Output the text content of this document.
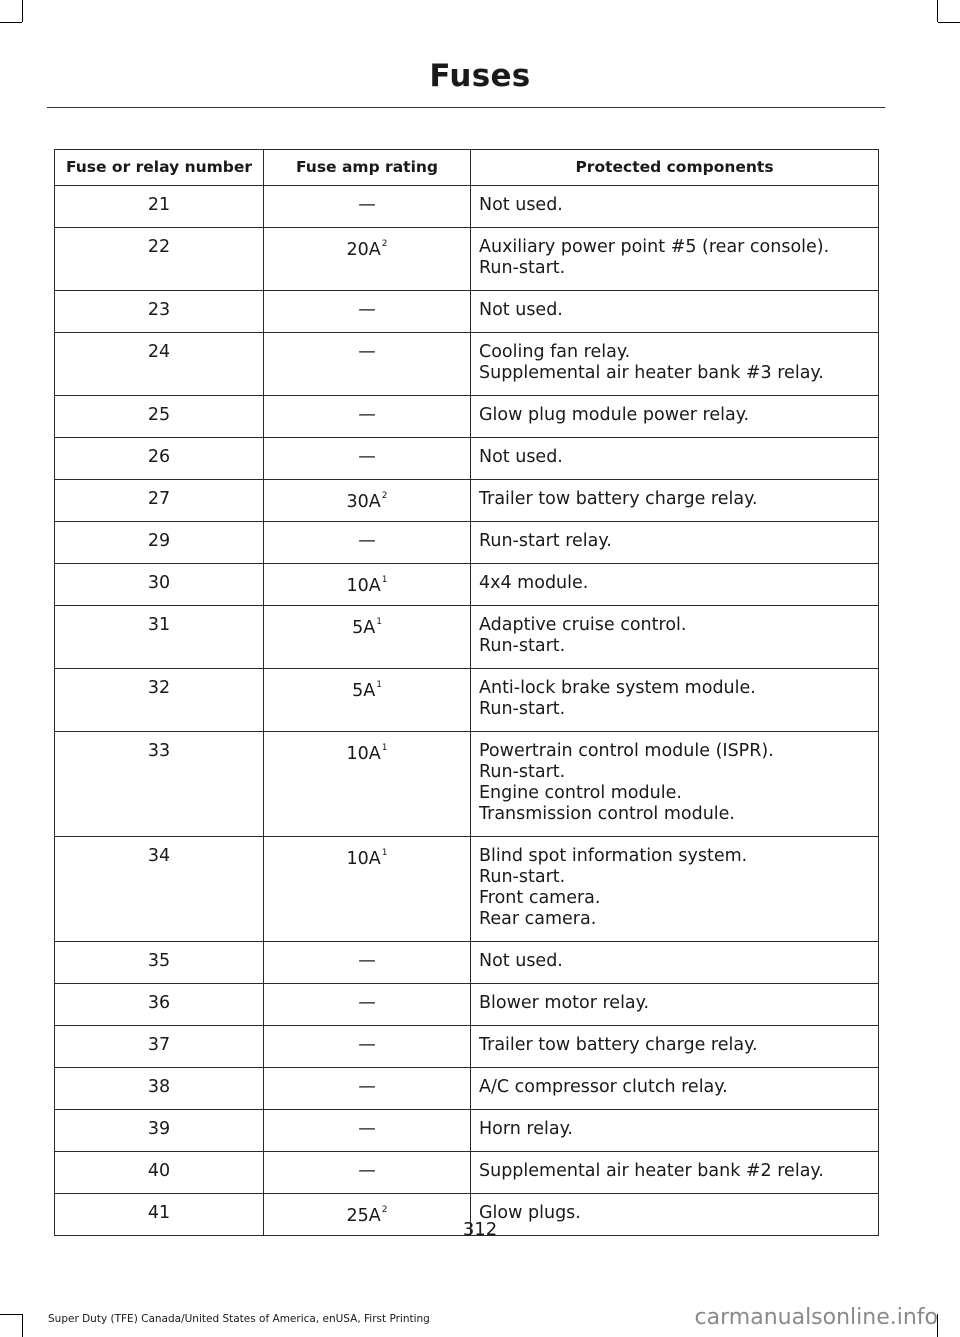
Fuses
Fuse or relay number	Fuse amp rating	Protected components
21	—	Not used.

22	$20A^2$	Auxiliary power point #5 (rear console).
Run-start.

23	—	Not used.

24	—	Cooling fan relay.
Supplemental air heater bank #3 relay.

25	—	Glow plug module power relay.

26	—	Not used.

27	$30A^2$	Trailer tow battery charge relay.

29	—	Run-start relay.

30	$10A^1$	4x4 module.

31	$5A^1$	Adaptive cruise control.
Run-start.

32	$5A^1$	Anti-lock brake system module.
Run-start.

33	$10A^1$	Powertrain control module (ISPR).
Run-start.
Engine control module.
Transmission control module.

34	$10A^1$	Blind spot information system.
Run-start.
Front camera.
Rear camera.

35	—	Not used.

36	—	Blower motor relay.

37	—	Trailer tow battery charge relay.

38	—	A/C compressor clutch relay.

39	—	Horn relay.

40	—	Supplemental air heater bank #2 relay.

41	$25A^2$	Glow plugs.
312
Super Duty (TFE) Canada/United States of America, enUSA, First Printing	carmanualsonline.info
